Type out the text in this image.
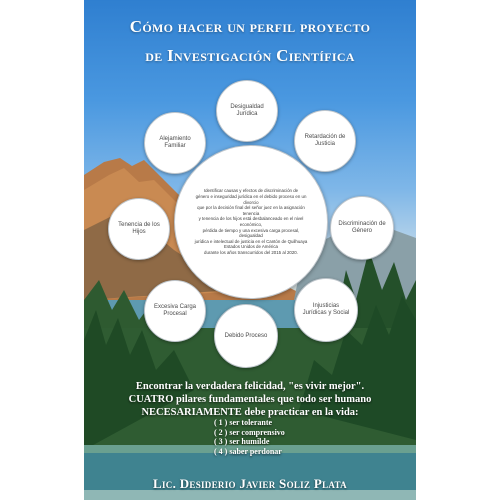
Cómo hacer un perfil proyecto
de Investigación Científica
Desigualdad Jurídica
Alejamiento Familiar
Retardación de Justicia
Tenencia de los Hijos
Discriminación de Género
Excesiva Carga Procesal
Injusticias Jurídicas y Social
Debido Proceso
Identificar causas y efectos de discriminación de
género e inseguridad jurídica en el debido proceso en un divorcio
que por la decisión final del señor juez en la asignación tenencia
y tenencia de los hijos está desbalanceado en el nivel económico,
pérdida de tiempo y una excesiva carga procesal, desigualdad
jurídica e intelectual de justicia en el Cantón de Quilhuaya
Estados Unidos de América
durante los años transcurridos del 2015 al 2020.
Encontrar la verdadera felicidad, "es vivir mejor".
CUATRO pilares fundamentales que todo ser humano
NECESARIAMENTE debe practicar en la vida:
( 1 ) ser tolerante
( 2 ) ser comprensivo
( 3 ) ser humilde
( 4 ) saber perdonar
Lic. Desiderio Javier Soliz Plata
